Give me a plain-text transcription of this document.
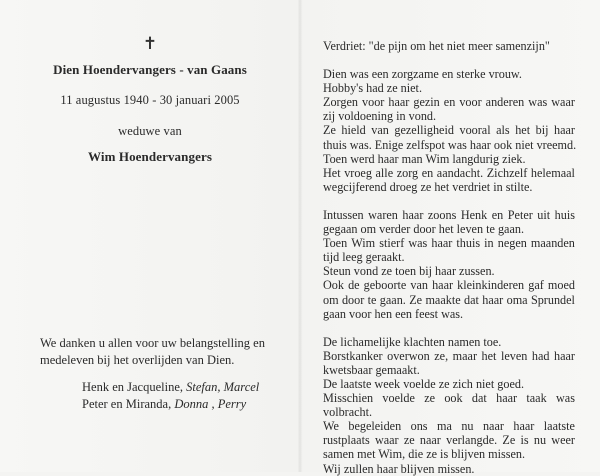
✝
Dien Hoendervangers - van Gaans
11 augustus 1940 - 30 januari 2005
weduwe van
Wim Hoendervangers
We danken u allen voor uw belangstelling en
medeleven bij het overlijden van Dien.
Henk en Jacqueline, Stefan, Marcel
Peter en Miranda, Donna , Perry
Verdriet: "de pijn om het niet meer samenzijn"
Dien was een zorgzame en sterke vrouw.
Hobby's had ze niet.
Zorgen voor haar gezin en voor anderen was waar
zij voldoening in vond.
Ze hield van gezelligheid vooral als het bij haar
thuis was. Enige zelfspot was haar ook niet vreemd.
Toen werd haar man Wim langdurig ziek.
Het vroeg alle zorg en aandacht. Zichzelf helemaal
wegcijferend droeg ze het verdriet in stilte.
Intussen waren haar zoons Henk en Peter uit huis
gegaan om verder door het leven te gaan.
Toen Wim stierf was haar thuis in negen maanden
tijd leeg geraakt.
Steun vond ze toen bij haar zussen.
Ook de geboorte van haar kleinkinderen gaf moed
om door te gaan. Ze maakte dat haar oma Sprundel
gaan voor hen een feest was.
De lichamelijke klachten namen toe.
Borstkanker overwon ze, maar het leven had haar
kwetsbaar gemaakt.
De laatste week voelde ze zich niet goed.
Misschien voelde ze ook dat haar taak was
volbracht.
We begeleiden ons ma nu naar haar laatste
rustplaats waar ze naar verlangde. Ze is nu weer
samen met Wim, die ze is blijven missen.
Wij zullen haar blijven missen.
